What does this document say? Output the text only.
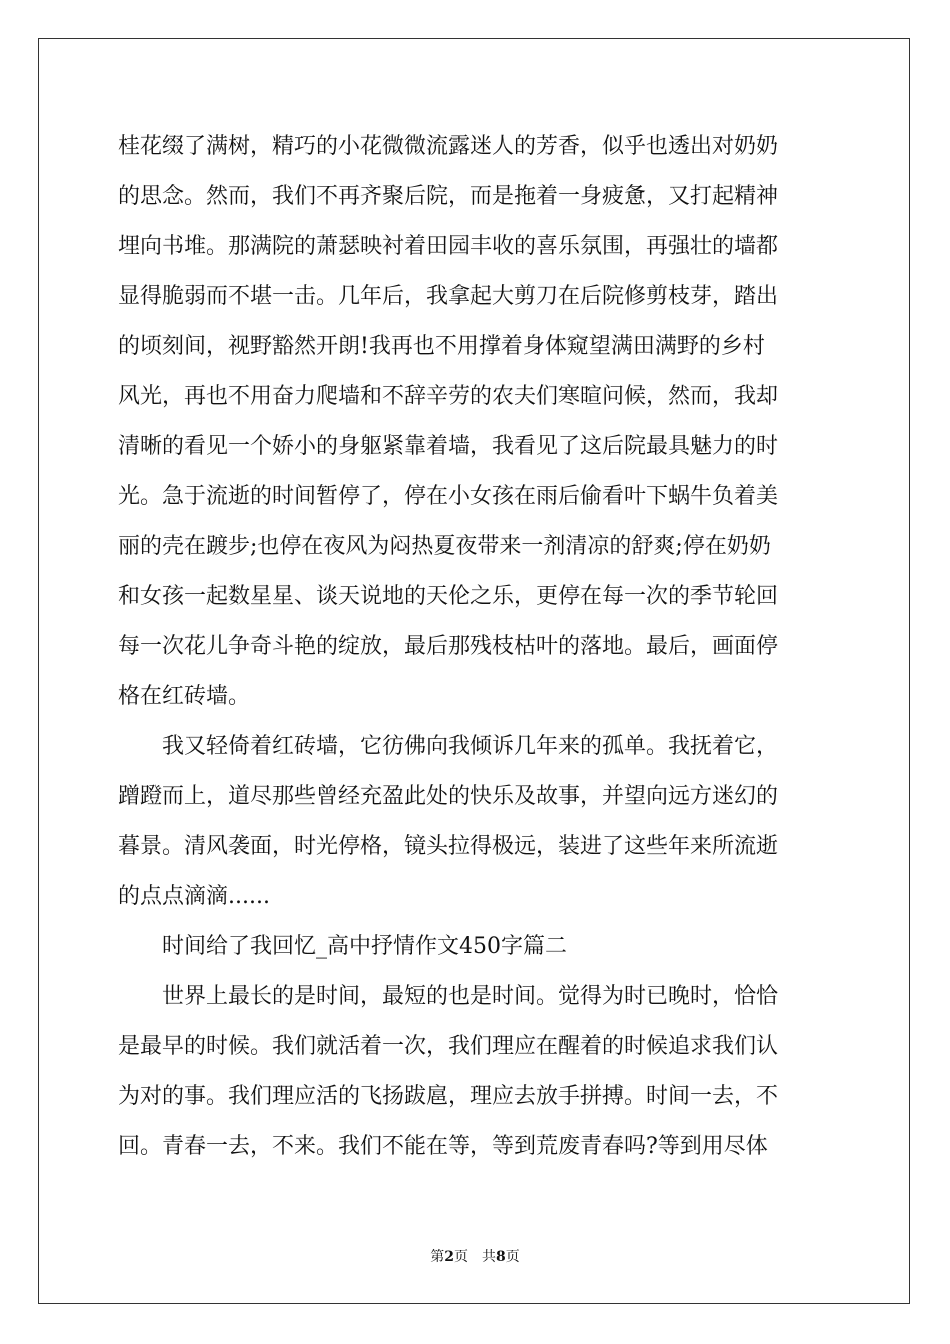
桂花缀了满树，精巧的小花微微流露迷人的芳香，似乎也透出对奶奶
的思念。然而，我们不再齐聚后院，而是拖着一身疲惫，又打起精神
埋向书堆。那满院的萧瑟映衬着田园丰收的喜乐氛围，再强壮的墙都
显得脆弱而不堪一击。几年后，我拿起大剪刀在后院修剪枝芽，踏出
的顷刻间，视野豁然开朗!我再也不用撑着身体窥望满田满野的乡村
风光，再也不用奋力爬墙和不辞辛劳的农夫们寒暄问候，然而，我却
清晰的看见一个娇小的身躯紧靠着墙，我看见了这后院最具魅力的时
光。急于流逝的时间暂停了，停在小女孩在雨后偷看叶下蜗牛负着美
丽的壳在踱步;也停在夜风为闷热夏夜带来一剂清凉的舒爽;停在奶奶
和女孩一起数星星、谈天说地的天伦之乐，更停在每一次的季节轮回
每一次花儿争奇斗艳的绽放，最后那残枝枯叶的落地。最后，画面停
格在红砖墙。
　　我又轻倚着红砖墙，它彷佛向我倾诉几年来的孤单。我抚着它，
蹭蹬而上，道尽那些曾经充盈此处的快乐及故事，并望向远方迷幻的
暮景。清风袭面，时光停格，镜头拉得极远，装进了这些年来所流逝
的点点滴滴......
　　时间给了我回忆_高中抒情作文450字篇二
　　世界上最长的是时间，最短的也是时间。觉得为时已晚时，恰恰
是最早的时候。我们就活着一次，我们理应在醒着的时候追求我们认
为对的事。我们理应活的飞扬跋扈，理应去放手拼搏。时间一去，不
回。青春一去，不来。我们不能在等，等到荒废青春吗?等到用尽体
第2页　共8页
